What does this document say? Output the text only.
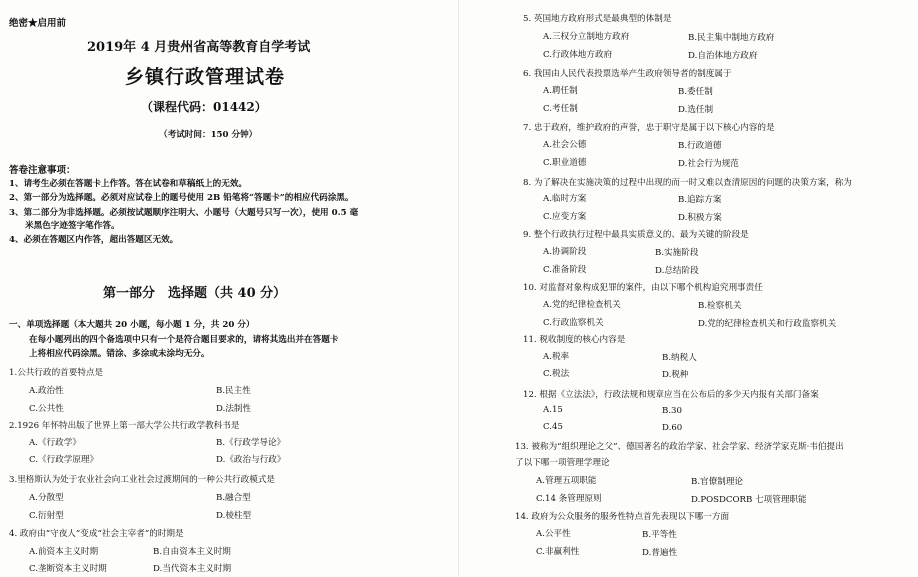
绝密★启用前
2019年 4 月贵州省高等教育自学考试
乡镇行政管理试卷
（课程代码：01442）
（考试时间：150 分钟）
答卷注意事项：
1、请考生必须在答题卡上作答。答在试卷和草稿纸上的无效。
2、第一部分为选择题。必须对应试卷上的题号使用 2B 铅笔将“答题卡”的相应代码涂黑。
3、第二部分为非选择题。必须按试题顺序注明大、小题号（大题号只写一次），使用 0.5 毫
米黑色字迹签字笔作答。
4、必须在答题区内作答，超出答题区无效。
第一部分　选择题（共 40 分）
一、单项选择题（本大题共 20 小题，每小题 1 分，共 20 分）
在每小题列出的四个备选项中只有一个是符合题目要求的，请将其选出并在答题卡
上将相应代码涂黑。错涂、多涂或未涂均无分。
1.公共行政的首要特点是
A.政治性	B.民主性
C.公共性	D.法制性
2.1926 年怀特出版了世界上第一部大学公共行政学教科书是
A.《行政学》	B.《行政学导论》
C.《行政学原理》	D.《政治与行政》
3.里格斯认为处于农业社会向工业社会过渡期间的一种公共行政模式是
A.分散型	B.融合型
C.衍射型	D.棱柱型
4. 政府由“守夜人”变成“社会主宰者”的时期是
A.前资本主义时期	B.自由资本主义时期
C.垄断资本主义时期	D.当代资本主义时期
5. 英国地方政府形式是最典型的体制是
A.三权分立制地方政府	B.民主集中制地方政府
C.行政体地方政府	D.自治体地方政府
6. 我国由人民代表投票选举产生政府领导者的制度属于
A.聘任制	B.委任制
C.考任制	D.选任制
7. 忠于政府，维护政府的声誉，忠于职守是属于以下核心内容的是
A.社会公德	B.行政道德
C.职业道德	D.社会行为规范
8. 为了解决在实施决策的过程中出现的而一时又难以查清原因的问题的决策方案，称为
A.临时方案	B.追踪方案
C.应变方案	D.积极方案
9. 整个行政执行过程中最具实质意义的、最为关键的阶段是
A.协调阶段	B.实施阶段
C.准备阶段	D.总结阶段
10. 对监督对象构成犯罪的案件，由以下哪个机构追究刑事责任
A.党的纪律检查机关	B.检察机关
C.行政监察机关	D.党的纪律检查机关和行政监察机关
11. 税收制度的核心内容是
A.税率	B.纳税人
C.税法	D.税种
12. 根据《立法法》，行政法规和规章应当在公布后的多少天内报有关部门备案
A.15	B.30
C.45	D.60
13. 被称为“组织理论之父”、德国著名的政治学家、社会学家、经济学家克斯·韦伯提出
了以下哪一项管理学理论
A.管理五项职能	B.官僚制理论
C.14 条管理原则	D.POSDCORB 七项管理职能
14. 政府为公众服务的服务性特点首先表现以下哪一方面
A.公平性	B.平等性
C.非赢利性	D.普遍性
